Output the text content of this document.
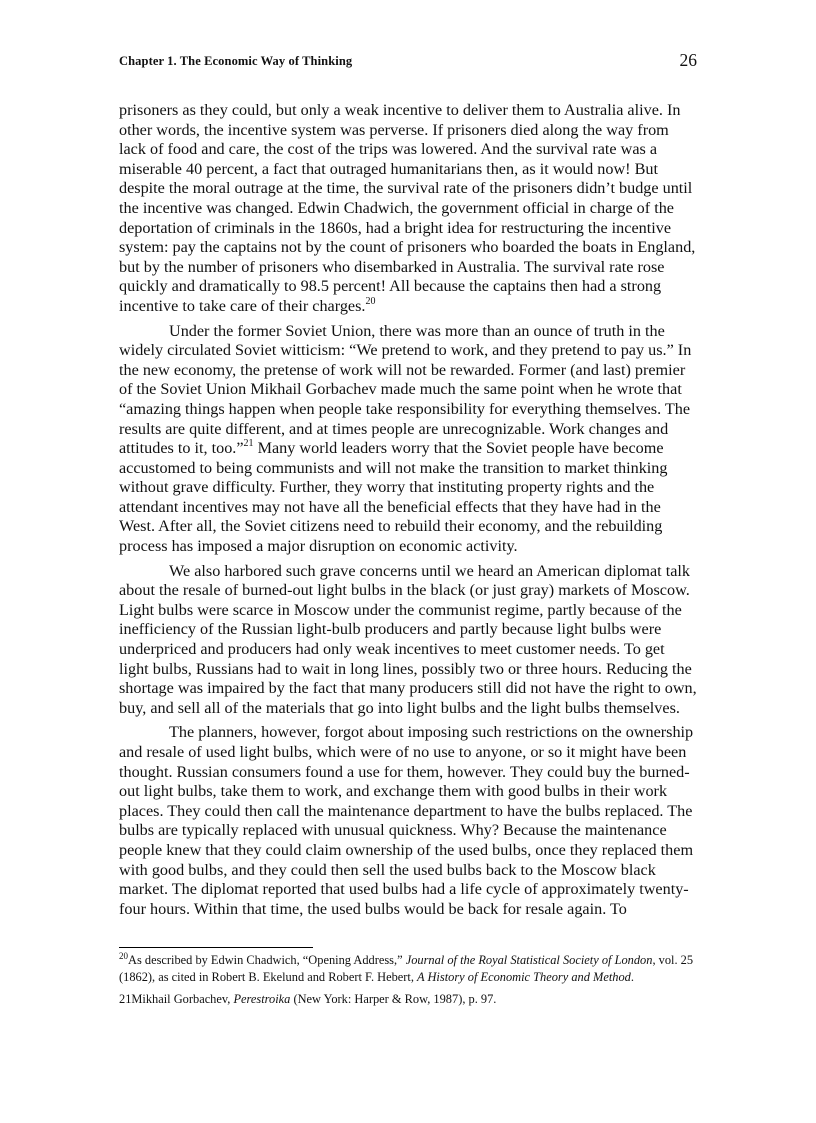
Chapter 1. The Economic Way of Thinking	26

prisoners as they could, but only a weak incentive to deliver them to Australia alive. In other words, the incentive system was perverse. If prisoners died along the way from lack of food and care, the cost of the trips was lowered. And the survival rate was a miserable 40 percent, a fact that outraged humanitarians then, as it would now! But despite the moral outrage at the time, the survival rate of the prisoners didn’t budge until the incentive was changed. Edwin Chadwich, the government official in charge of the deportation of criminals in the 1860s, had a bright idea for restructuring the incentive system: pay the captains not by the count of prisoners who boarded the boats in England, but by the number of prisoners who disembarked in Australia. The survival rate rose quickly and dramatically to 98.5 percent! All because the captains then had a strong incentive to take care of their charges.$^{20}$

Under the former Soviet Union, there was more than an ounce of truth in the widely circulated Soviet witticism: “We pretend to work, and they pretend to pay us.” In the new economy, the pretense of work will not be rewarded. Former (and last) premier of the Soviet Union Mikhail Gorbachev made much the same point when he wrote that “amazing things happen when people take responsibility for everything themselves. The results are quite different, and at times people are unrecognizable. Work changes and attitudes to it, too.”$^{21}$ Many world leaders worry that the Soviet people have become accustomed to being communists and will not make the transition to market thinking without grave difficulty. Further, they worry that instituting property rights and the attendant incentives may not have all the beneficial effects that they have had in the West. After all, the Soviet citizens need to rebuild their economy, and the rebuilding process has imposed a major disruption on economic activity.

We also harbored such grave concerns until we heard an American diplomat talk about the resale of burned-out light bulbs in the black (or just gray) markets of Moscow. Light bulbs were scarce in Moscow under the communist regime, partly because of the inefficiency of the Russian light-bulb producers and partly because light bulbs were underpriced and producers had only weak incentives to meet customer needs. To get light bulbs, Russians had to wait in long lines, possibly two or three hours. Reducing the shortage was impaired by the fact that many producers still did not have the right to own, buy, and sell all of the materials that go into light bulbs and the light bulbs themselves.

The planners, however, forgot about imposing such restrictions on the ownership and resale of used light bulbs, which were of no use to anyone, or so it might have been thought. Russian consumers found a use for them, however. They could buy the burned-out light bulbs, take them to work, and exchange them with good bulbs in their work places. They could then call the maintenance department to have the bulbs replaced. The bulbs are typically replaced with unusual quickness. Why? Because the maintenance people knew that they could claim ownership of the used bulbs, once they replaced them with good bulbs, and they could then sell the used bulbs back to the Moscow black market. The diplomat reported that used bulbs had a life cycle of approximately twenty-four hours. Within that time, the used bulbs would be back for resale again. To

$^{20}$As described by Edwin Chadwich, “Opening Address,” Journal of the Royal Statistical Society of London, vol. 25 (1862), as cited in Robert B. Ekelund and Robert F. Hebert, A History of Economic Theory and Method.

21Mikhail Gorbachev, Perestroika (New York: Harper & Row, 1987), p. 97.
